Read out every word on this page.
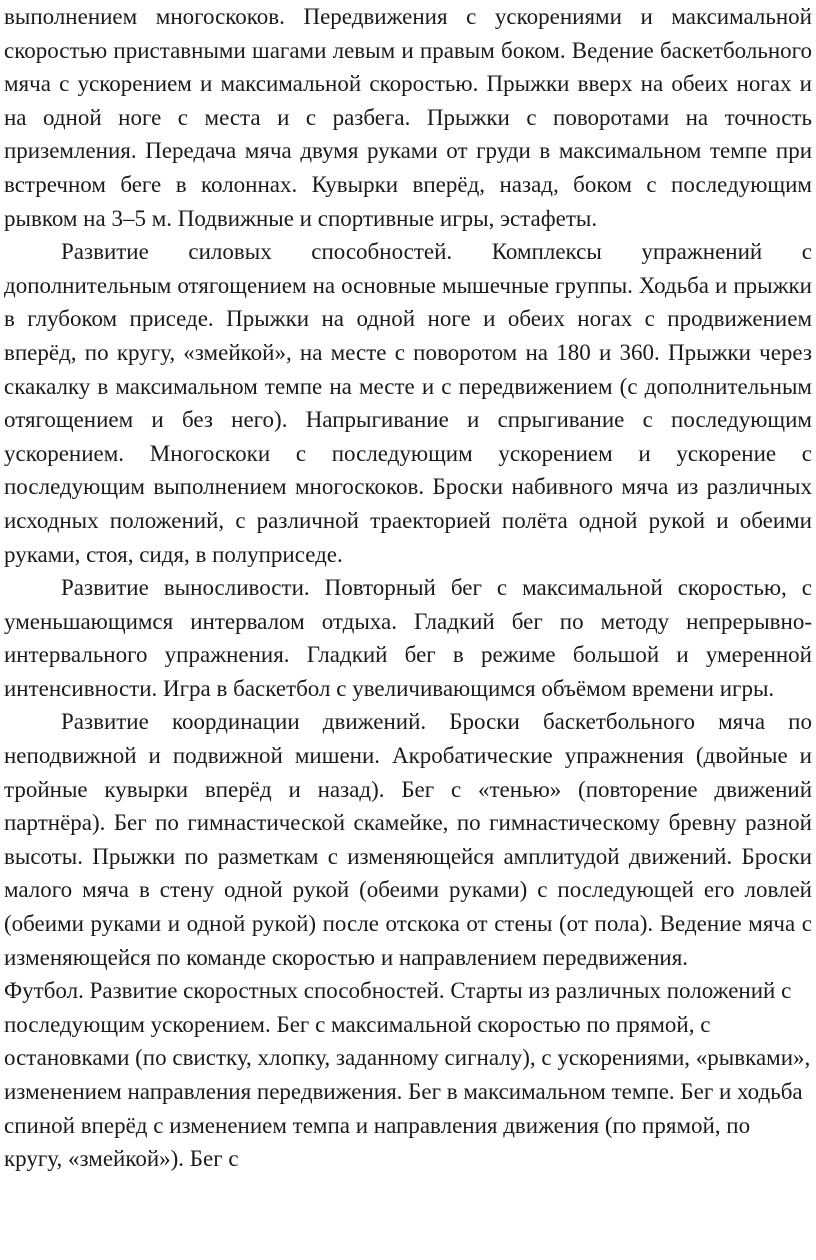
выполнением многоскоков. Передвижения с ускорениями и максимальной скоростью приставными шагами левым и правым боком. Ведение баскетбольного мяча с ускорением и максимальной скоростью. Прыжки вверх на обеих ногах и на одной ноге с места и с разбега. Прыжки с поворотами на точность приземления. Передача мяча двумя руками от груди в максимальном темпе при встречном беге в колоннах. Кувырки вперёд, назад, боком с последующим рывком на 3–5 м. Подвижные и спортивные игры, эстафеты.

Развитие силовых способностей. Комплексы упражнений с дополнительным отягощением на основные мышечные группы. Ходьба и прыжки в глубоком приседе. Прыжки на одной ноге и обеих ногах с продвижением вперёд, по кругу, «змейкой», на месте с поворотом на 180 и 360. Прыжки через скакалку в максимальном темпе на месте и с передвижением (с дополнительным отягощением и без него). Напрыгивание и спрыгивание с последующим ускорением. Многоскоки с последующим ускорением и ускорение с последующим выполнением многоскоков. Броски набивного мяча из различных исходных положений, с различной траекторией полёта одной рукой и обеими руками, стоя, сидя, в полуприседе.

Развитие выносливости. Повторный бег с максимальной скоростью, с уменьшающимся интервалом отдыха. Гладкий бег по методу непрерывно-интервального упражнения. Гладкий бег в режиме большой и умеренной интенсивности. Игра в баскетбол с увеличивающимся объёмом времени игры.

Развитие координации движений. Броски баскетбольного мяча по неподвижной и подвижной мишени. Акробатические упражнения (двойные и тройные кувырки вперёд и назад). Бег с «тенью» (повторение движений партнёра). Бег по гимнастической скамейке, по гимнастическому бревну разной высоты. Прыжки по разметкам с изменяющейся амплитудой движений. Броски малого мяча в стену одной рукой (обеими руками) с последующей его ловлей (обеими руками и одной рукой) после отскока от стены (от пола). Ведение мяча с изменяющейся по команде скоростью и направлением передвижения.

Футбол. Развитие скоростных способностей. Старты из различных положений с последующим ускорением. Бег с максимальной скоростью по прямой, с остановками (по свистку, хлопку, заданному сигналу), с ускорениями, «рывками», изменением направления передвижения. Бег в максимальном темпе. Бег и ходьба спиной вперёд с изменением темпа и направления движения (по прямой, по кругу, «змейкой»). Бег с
